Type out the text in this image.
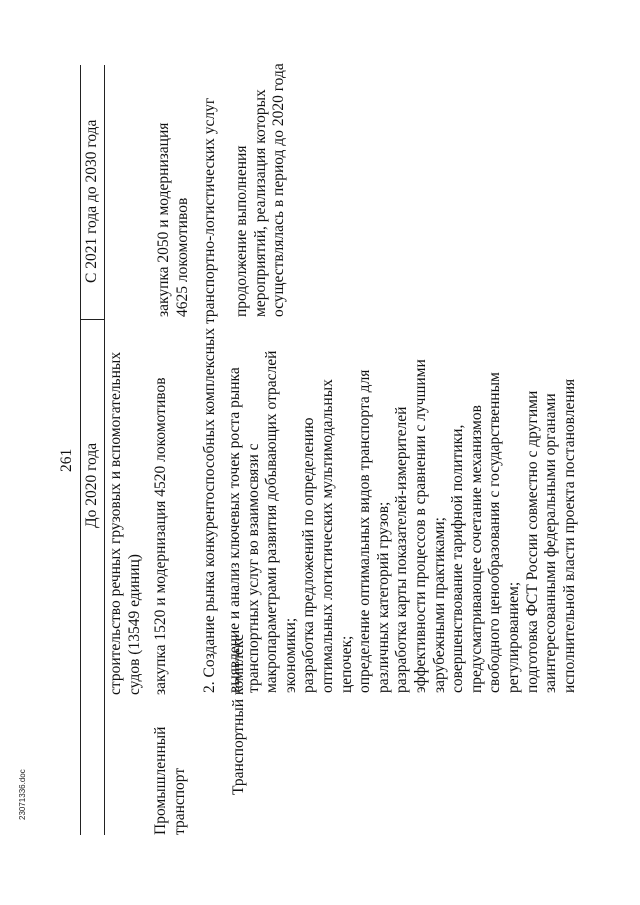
261 До 2020 года
С 2021 года до 2030 года
строительство речных грузовых и вспомогательных судов (13549 единиц)
Промышленный транспорт
закупка 1520 и модернизация 4520 локомотивов
закупка 2050 и модернизация 4625 локомотивов 2. Создание рынка конкурентоспособных комплексных транспортно-логистических услуг
Транспортный комплекс
выявление и анализ ключевых точек роста рынка транспортных услуг во взаимосвязи с макропараметрами развития добывающих отраслей экономики; разработка предложений по определению оптимальных логистических мультимодальных цепочек; определение оптимальных видов транспорта для различных категорий грузов; разработка карты показателей-измерителей эффективности процессов в сравнении с лучшими зарубежными практиками; совершенствование тарифной политики, предусматривающее сочетание механизмов свободного ценообразования с государственным регулированием; подготовка ФСТ России совместно с другими заинтересованными федеральными органами исполнительной власти проекта постановления
продолжение выполнения мероприятий, реализация которых осуществлялась в период до 2020 года
23071336.doc
